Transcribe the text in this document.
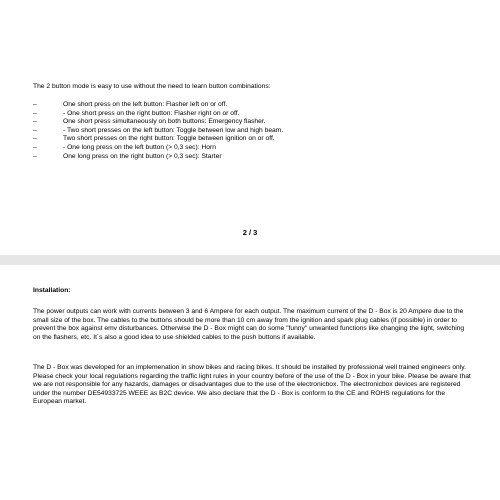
The 2 button mode is easy to use without the need to learn button combinations:
–	One short press on the left button: Flasher left on or off.
–	- One short press on the right button: Flasher right on or off.
–	One short press simultaneously on both buttons: Emergency flasher.
–	- Two short presses on the left button: Toggle between low and high beam.
–	Two short presses on the right button: Toggle between ignition on or off.
–	- One long press on the left button (> 0,3 sec): Horn
–	One long press on the right button (> 0,3 sec): Starter
2 / 3
Installation:
The power outputs can work with currents between 3 and 6 Ampere for each output. The maximum current of the D - Box is 20 Ampere due to the small size of the box. The cables to the buttons should be more than 10 cm away from the ignition and spark plug cables (if possible) in order to prevent the box against emv disturbances. Otherwise the D - Box might can do some "funny" unwanted functions like changing the light, switching on the flashers, etc. It´s also a good idea to use shielded cables to the push buttons if available.
The D - Box was developed for an implemenation in show bikes and racing bikes. It should be installed by professional well trained engineers only. Please check your local regulations regarding the traffic light rules in your country before of the use of the D - Box in your bike. Please be aware that we are not responsible for any hazards, damages or disadvantages due to the use of the electronicbox. The electronicbox devices are registered under the number DE54933725 WEEE as B2C device. We also declare that the D - Box is conform to the CE and ROHS regulations for the European market.
